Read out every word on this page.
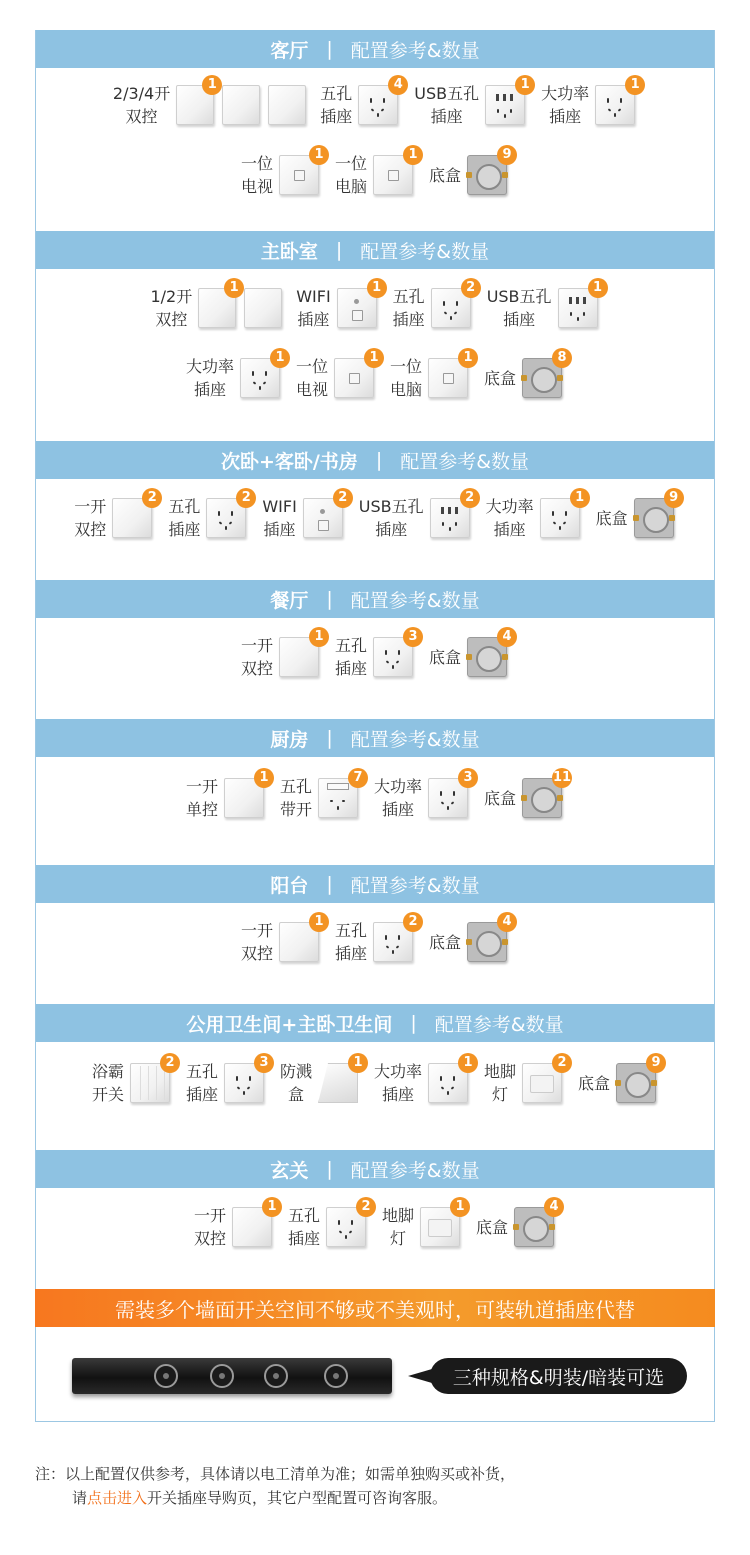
客厅 | 配置参考&数量
2/3/4开
双控
1	五孔
插座
4 USB五孔
插座
1 大功率
插座
1
一位
电视
1 一位
电脑
1
底盒
9
主卧室 | 配置参考&数量
1/2开
双控
1	WIFI
插座
1 五孔
插座
2 USB五孔
插座
1
大功率
插座
1 一位
电视
1 一位
电脑
1
底盒
8
次卧+客卧/书房 | 配置参考&数量
一开
双控
2 五孔
插座
2 WIFI
插座
2 USB五孔
插座
2 大功率
插座
1
底盒
9
餐厅 | 配置参考&数量
一开
双控
1 五孔
插座
3
底盒
4
厨房 | 配置参考&数量
一开
单控
1 五孔
带开
7 大功率
插座
3
底盒
11
阳台 | 配置参考&数量
一开
双控
1 五孔
插座
2
底盒
4
公用卫生间+主卧卫生间 | 配置参考&数量
浴霸
开关
2 五孔
插座
3 防溅
盒
1 大功率
插座
1 地脚
灯
2
底盒
9
玄关 | 配置参考&数量
一开
双控
1 五孔
插座
2 地脚
灯
1
底盒
4
需装多个墙面开关空间不够或不美观时，可装轨道插座代替
三种规格&明装/暗装可选
注：以上配置仅供参考，具体请以电工清单为准；如需单独购买或补货，
请点击进入开关插座导购页，其它户型配置可咨询客服。
